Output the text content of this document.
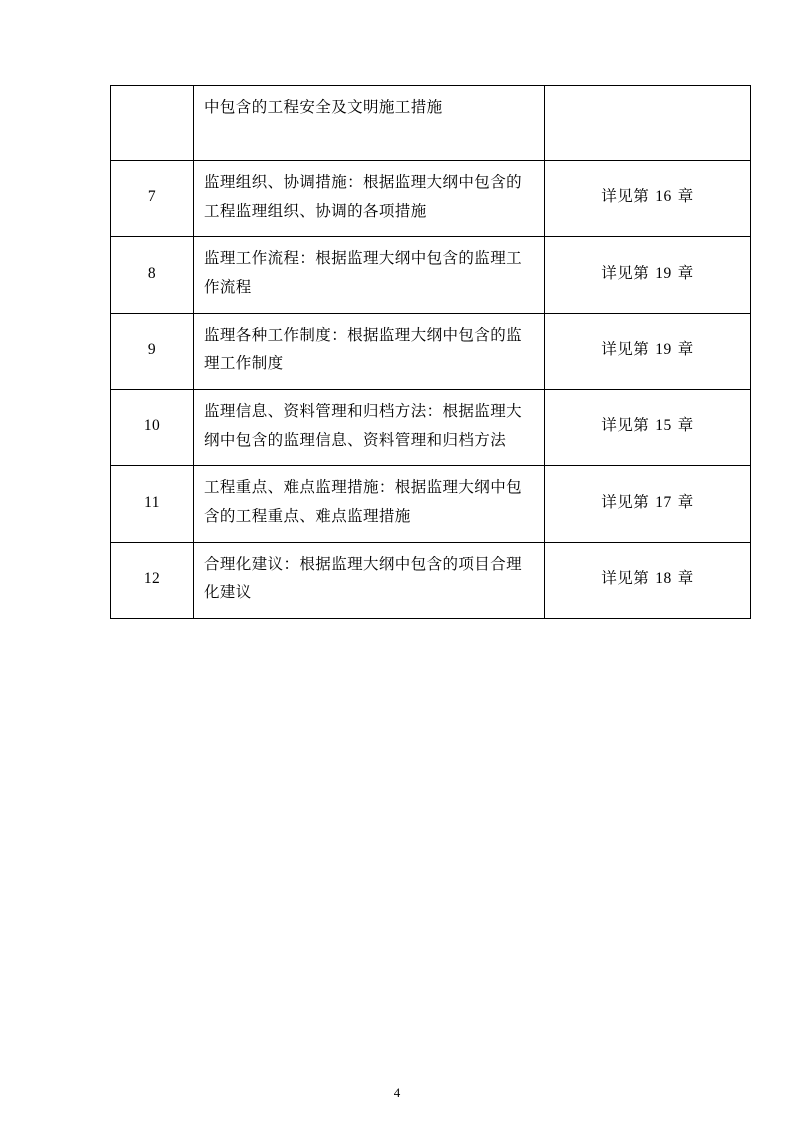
	中包含的工程安全及文明施工措施	
7	监理组织、协调措施：根据监理大纲中包含的工程监理组织、协调的各项措施	详见第 16 章
8	监理工作流程：根据监理大纲中包含的监理工作流程	详见第 19 章
9	监理各种工作制度：根据监理大纲中包含的监理工作制度	详见第 19 章
10	监理信息、资料管理和归档方法：根据监理大纲中包含的监理信息、资料管理和归档方法	详见第 15 章
11	工程重点、难点监理措施：根据监理大纲中包含的工程重点、难点监理措施	详见第 17 章
12	合理化建议：根据监理大纲中包含的项目合理化建议	详见第 18 章
4
